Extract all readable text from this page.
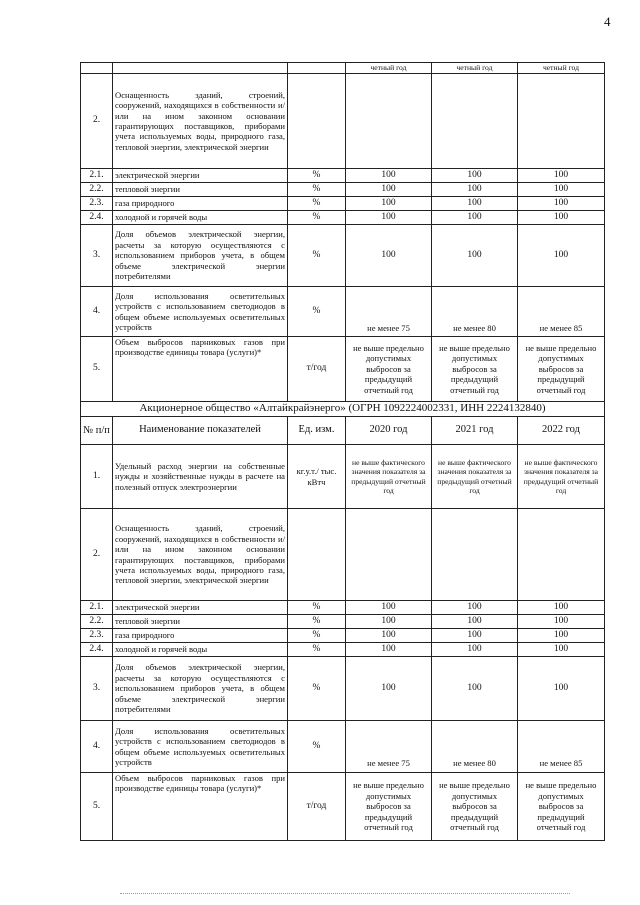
4
			четный год	четный год	четный год
2.	Оснащенность зданий, строений, сооружений, находящихся в собственности и/или на ином законном основании гарантирующих поставщиков, приборами учета используемых воды, природного газа, тепловой энергии, электрической энергии				
2.1.	электрической энергии	%	100	100	100
2.2.	тепловой энергии	%	100	100	100
2.3.	газа природного	%	100	100	100
2.4.	холодной и горячей воды	%	100	100	100
3.	Доля объемов электрической энергии, расчеты за которую осуществляются с использованием приборов учета, в общем объеме электрической энергии потребителями	%	100	100	100
4.	Доля использования осветительных устройств с использованием светодиодов в общем объеме используемых осветительных устройств	%	не менее 75	не менее 80	не менее 85
5.	Объем выбросов парниковых газов при производстве единицы товара (услуги)*	т/год	не выше предельно допустимых выбросов за предыдущий отчетный год	не выше предельно допустимых выбросов за предыдущий отчетный год	не выше предельно допустимых выбросов за предыдущий отчетный год
Акционерное общество «Алтайкрайэнерго» (ОГРН 1092224002331, ИНН 2224132840)					
№ п/п	Наименование показателей	Ед. изм.	2020 год	2021 год	2022 год
1.	Удельный расход энергии на собственные нужды и хозяйственные нужды в расчете на полезный отпуск электроэнергии	кг.у.т./ тыс. кВтч	не выше фактического значения показателя за предыдущий отчетный год	не выше фактического значения показателя за предыдущий отчетный год	не выше фактического значения показателя за предыдущий отчетный год
2.	Оснащенность зданий, строений, сооружений, находящихся в собственности и/или на ином законном основании гарантирующих поставщиков, приборами учета используемых воды, природного газа, тепловой энергии, электрической энергии				
2.1.	электрической энергии	%	100	100	100
2.2.	тепловой энергии	%	100	100	100
2.3.	газа природного	%	100	100	100
2.4.	холодной и горячей воды	%	100	100	100
3.	Доля объемов электрической энергии, расчеты за которую осуществляются с использованием приборов учета, в общем объеме электрической энергии потребителями	%	100	100	100
4.	Доля использования осветительных устройств с использованием светодиодов в общем объеме используемых осветительных устройств	%	не менее 75	не менее 80	не менее 85
5.	Объем выбросов парниковых газов при производстве единицы товара (услуги)*	т/год	не выше предельно допустимых выбросов за предыдущий отчетный год	не выше предельно допустимых выбросов за предыдущий отчетный год	не выше предельно допустимых выбросов за предыдущий отчетный год
